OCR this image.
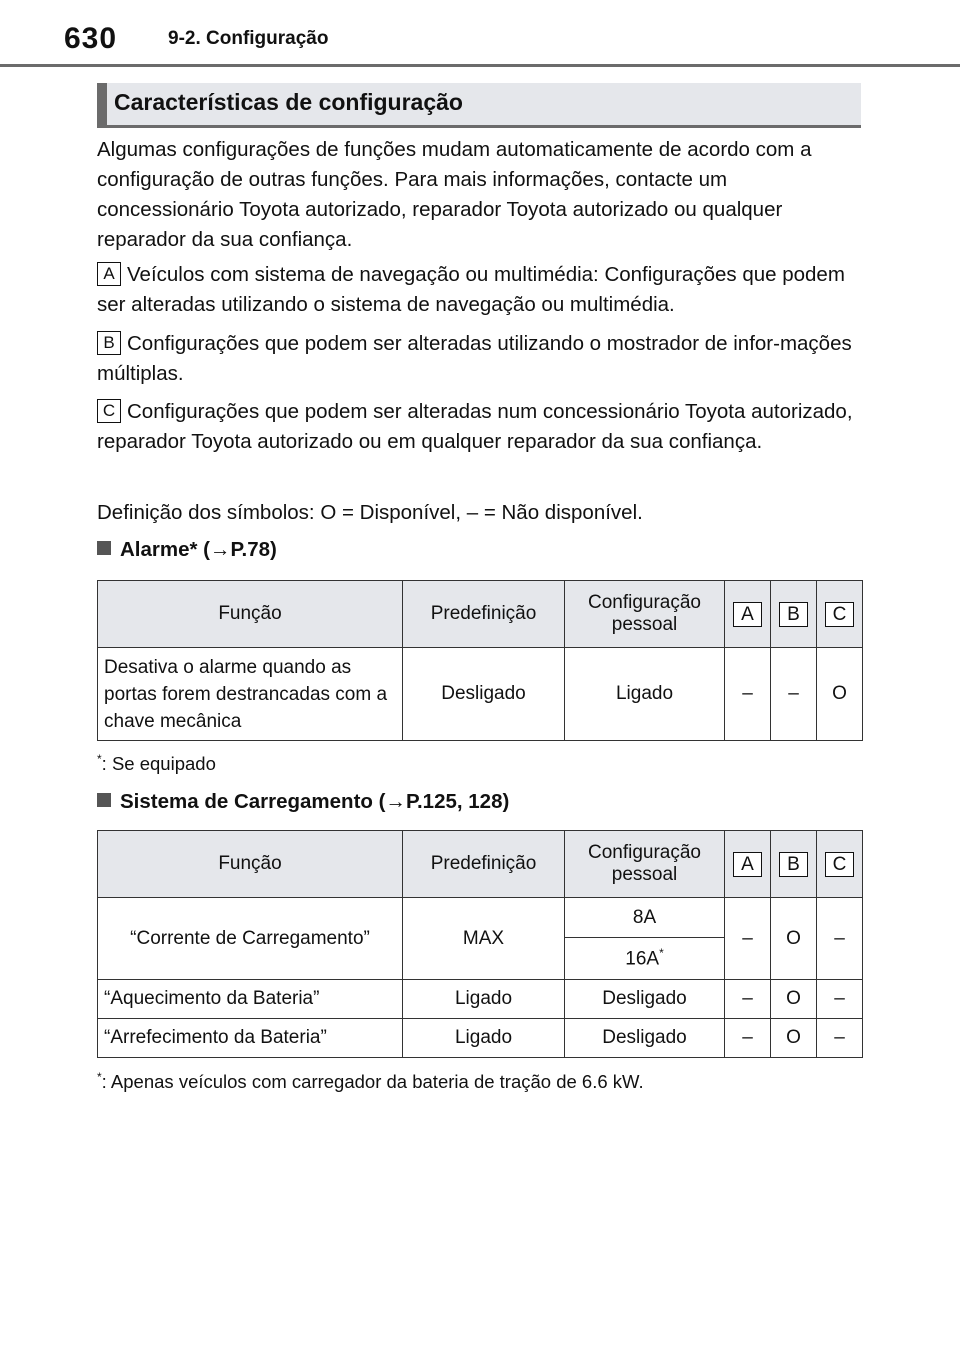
630	9-2. Configuração
Características de configuração
Algumas configurações de funções mudam automaticamente de acordo com a configuração de outras funções. Para mais informações, contacte um concessionário Toyota autorizado, reparador Toyota autorizado ou qualquer reparador da sua confiança.
A Veículos com sistema de navegação ou multimédia: Configurações que podem ser alteradas utilizando o sistema de navegação ou multimédia.
B Configurações que podem ser alteradas utilizando o mostrador de infor-mações múltiplas.
C Configurações que podem ser alteradas num concessionário Toyota autorizado, reparador Toyota autorizado ou em qualquer reparador da sua confiança.
Definição dos símbolos: O = Disponível, – = Não disponível.
Alarme* (→P.78)
Função	Predefinição	Configuração pessoal	A	B	C
Desativa o alarme quando as portas forem destrancadas com a chave mecânica	Desligado	Ligado	–	–	O
*: Se equipado
Sistema de Carregamento (→P.125, 128)
Função	Predefinição	Configuração pessoal	A	B	C
“Corrente de Carregamento”	MAX	8A	–	O	–
		16A*
“Aquecimento da Bateria”	Ligado	Desligado	–	O	–
“Arrefecimento da Bateria”	Ligado	Desligado	–	O	–
*: Apenas veículos com carregador da bateria de tração de 6.6 kW.
